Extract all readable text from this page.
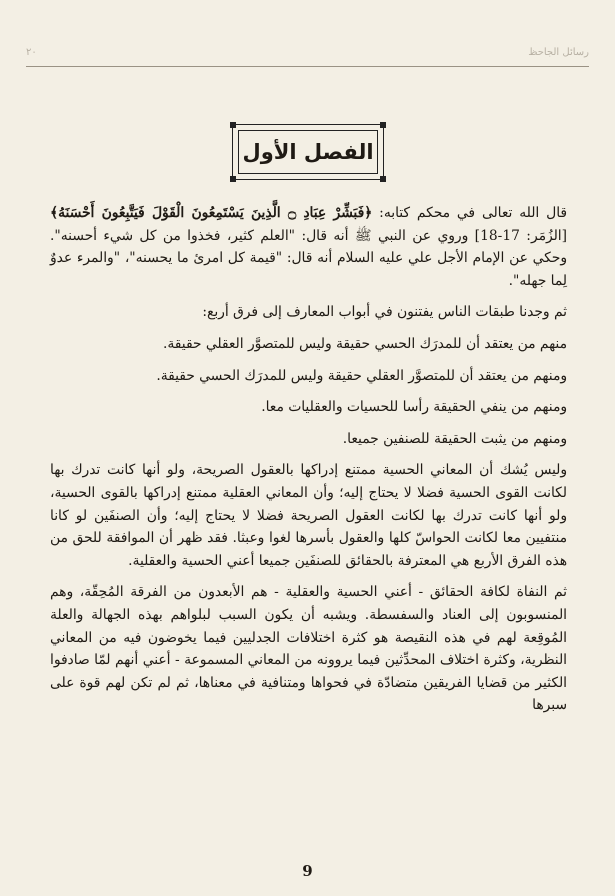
٢٠	رسائل الجاحظ
الفصل الأول

قال الله تعالى في محكم كتابه: ﴿فَبَشِّرْ عِبَادِ ۝ الَّذِينَ يَسْتَمِعُونَ الْقَوْلَ فَيَتَّبِعُونَ أَحْسَنَهُ﴾ [الزُمَر: 17-18] وروي عن النبي ﷺ أنه قال: "العلم كثير، فخذوا من كل شيء أحسنه". وحكي عن الإمام الأجل علي عليه السلام أنه قال: "قيمة كل امرئ ما يحسنه"، "والمرء عدوٌ لِما جهله".

ثم وجدنا طبقات الناس يفتنون في أبواب المعارف إلى فرق أربع:

منهم من يعتقد أن للمدرَك الحسي حقيقة وليس للمتصوَّر العقلي حقيقة.

ومنهم من يعتقد أن للمتصوَّر العقلي حقيقة وليس للمدرَك الحسي حقيقة.

ومنهم من ينفي الحقيقة رأسا للحسيات والعقليات معا.

ومنهم من يثبت الحقيقة للصنفين جميعا.

وليس يُشك أن المعاني الحسية ممتنع إدراكها بالعقول الصريحة، ولو أنها كانت تدرك بها لكانت القوى الحسية فضلا لا يحتاج إليه؛ وأن المعاني العقلية ممتنع إدراكها بالقوى الحسية، ولو أنها كانت تدرك بها لكانت العقول الصريحة فضلا لا يحتاج إليه؛ وأن الصنفَين لو كانا منتفيين معا لكانت الحواسّ كلها والعقول بأسرها لغوا وعبثا. فقد ظهر أن الموافقة للحق من هذه الفرق الأربع هي المعترفة بالحقائق للصنفَين جميعا أعني الحسية والعقلية.

ثم النفاة لكافة الحقائق - أعني الحسية والعقلية - هم الأبعدون من الفرقة المُحِقّة، وهم المنسوبون إلى العناد والسفسطة. ويشبه أن يكون السبب لبلواهم بهذه الجهالة والعلة المُوقِعة لهم في هذه النقيصة هو كثرة اختلافات الجدليين فيما يخوضون فيه من المعاني النظرية، وكثرة اختلاف المحدِّثين فيما يروونه من المعاني المسموعة - أعني أنهم لمّا صادفوا الكثير من قضايا الفريقين متضادّة في فحواها ومتنافية في معناها، ثم لم تكن لهم قوة على سبرها

9
